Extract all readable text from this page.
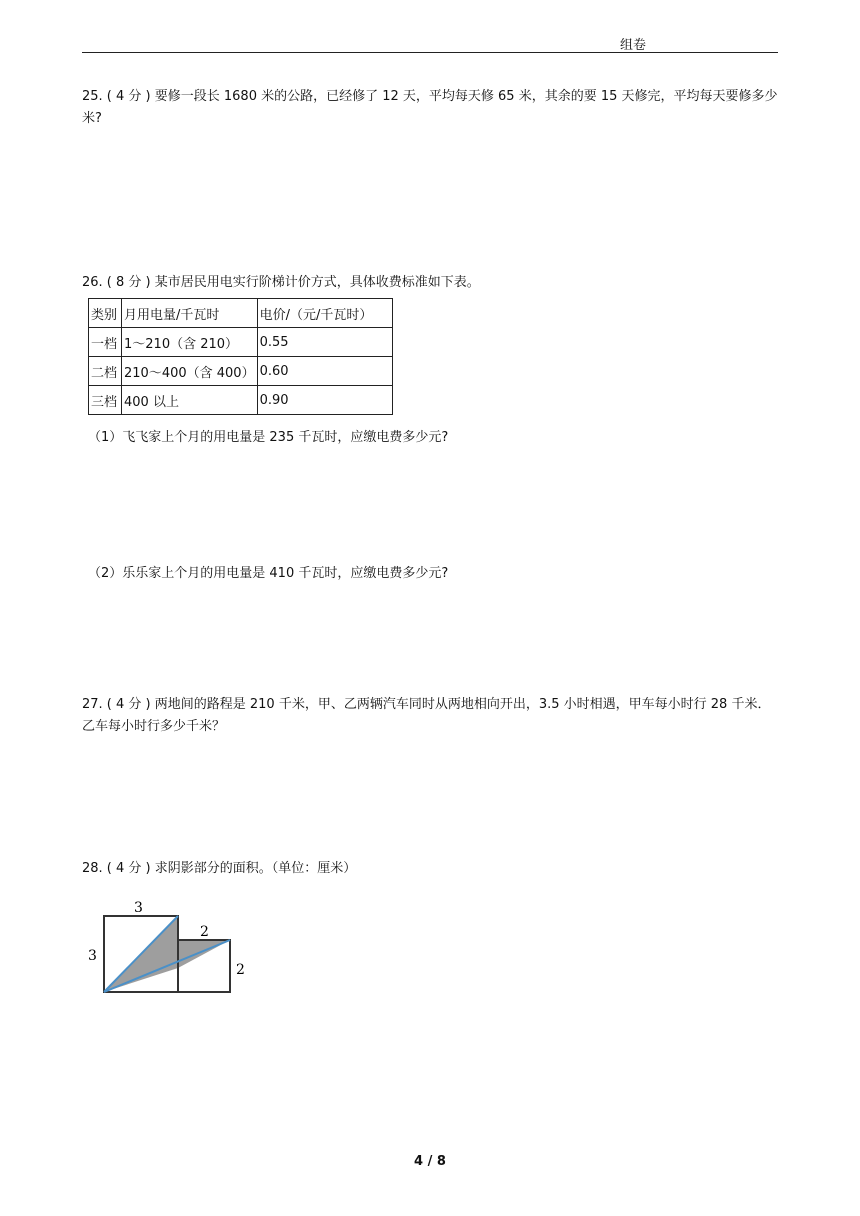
组卷
25. ( 4 分 ) 要修一段长 1680 米的公路，已经修了 12 天，平均每天修 65 米，其余的要 15 天修完，平均每天要修多少米?
26. ( 8 分 ) 某市居民用电实行阶梯计价方式，具体收费标准如下表。
类别	月用电量/千瓦时	电价/（元/千瓦时）
一档	1～210（含 210）	0.55
二档	210～400（含 400）	0.60
三档	400 以上	0.90
（1）飞飞家上个月的用电量是 235 千瓦时，应缴电费多少元?
（2）乐乐家上个月的用电量是 410 千瓦时，应缴电费多少元?
27. ( 4 分 ) 两地间的路程是 210 千米，甲、乙两辆汽车同时从两地相向开出，3.5 小时相遇，甲车每小时行 28 千米．乙车每小时行多少千米？
28. ( 4 分 ) 求阴影部分的面积。（单位：厘米）
3
3
2
2
4 / 8
